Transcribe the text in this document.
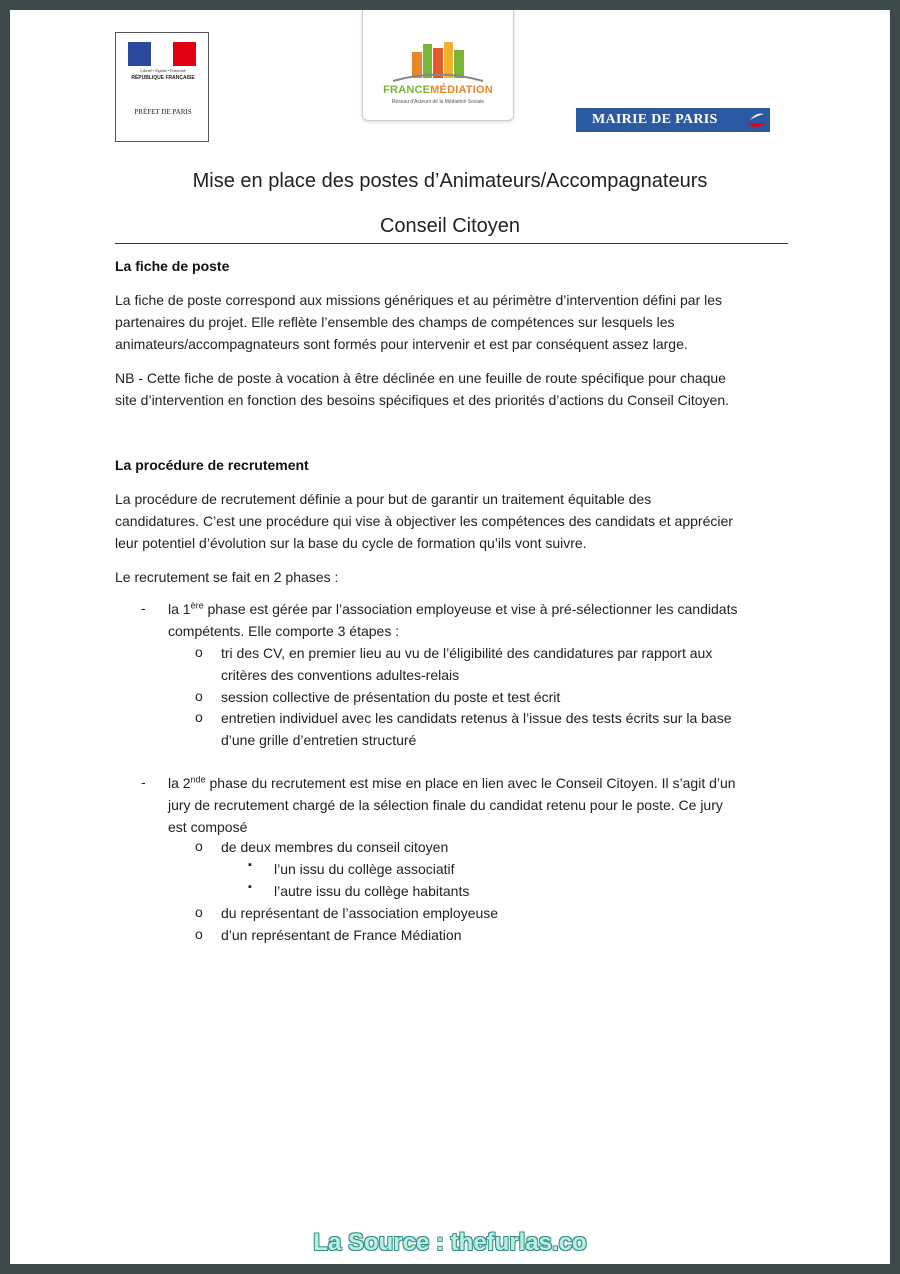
Liberté • Égalité • Fraternité
RÉPUBLIQUE FRANÇAISE
PRÉFET DE PARIS
FRANCEMÉDIATION
Réseau d'Acteurs de la Médiation Sociale
MAIRIE DE PARIS
Mise en place des postes d’Animateurs/Accompagnateurs
Conseil Citoyen
La fiche de poste
La fiche de poste correspond aux missions génériques et au périmètre d’intervention défini par les
partenaires du projet. Elle reflète l’ensemble des champs de compétences sur lesquels les
animateurs/accompagnateurs sont formés pour intervenir et est par conséquent assez large.
NB - Cette fiche de poste à vocation à être déclinée en une feuille de route spécifique pour chaque
site d’intervention en fonction des besoins spécifiques et des priorités d’actions du Conseil Citoyen.
La procédure de recrutement
La procédure de recrutement définie a pour but de garantir un traitement équitable des
candidatures. C’est une procédure qui vise à objectiver les compétences des candidats et apprécier
leur potentiel d’évolution sur la base du cycle de formation qu’ils vont suivre.
Le recrutement se fait en 2 phases :
- la 1ère phase est gérée par l’association employeuse et vise à pré-sélectionner les candidats
compétents. Elle comporte 3 étapes :
o tri des CV, en premier lieu au vu de l’éligibilité des candidatures par rapport aux
critères des conventions adultes-relais
o session collective de présentation du poste et test écrit
o entretien individuel avec les candidats retenus à l’issue des tests écrits sur la base
d’une grille d’entretien structuré
- la 2nde phase du recrutement est mise en place en lien avec le Conseil Citoyen. Il s’agit d’un
jury de recrutement chargé de la sélection finale du candidat retenu pour le poste. Ce jury
est composé
o de deux membres du conseil citoyen
▪ l’un issu du collège associatif
▪ l’autre issu du collège habitants
o du représentant de l’association employeuse
o d’un représentant de France Médiation
La Source : thefurlas.co
